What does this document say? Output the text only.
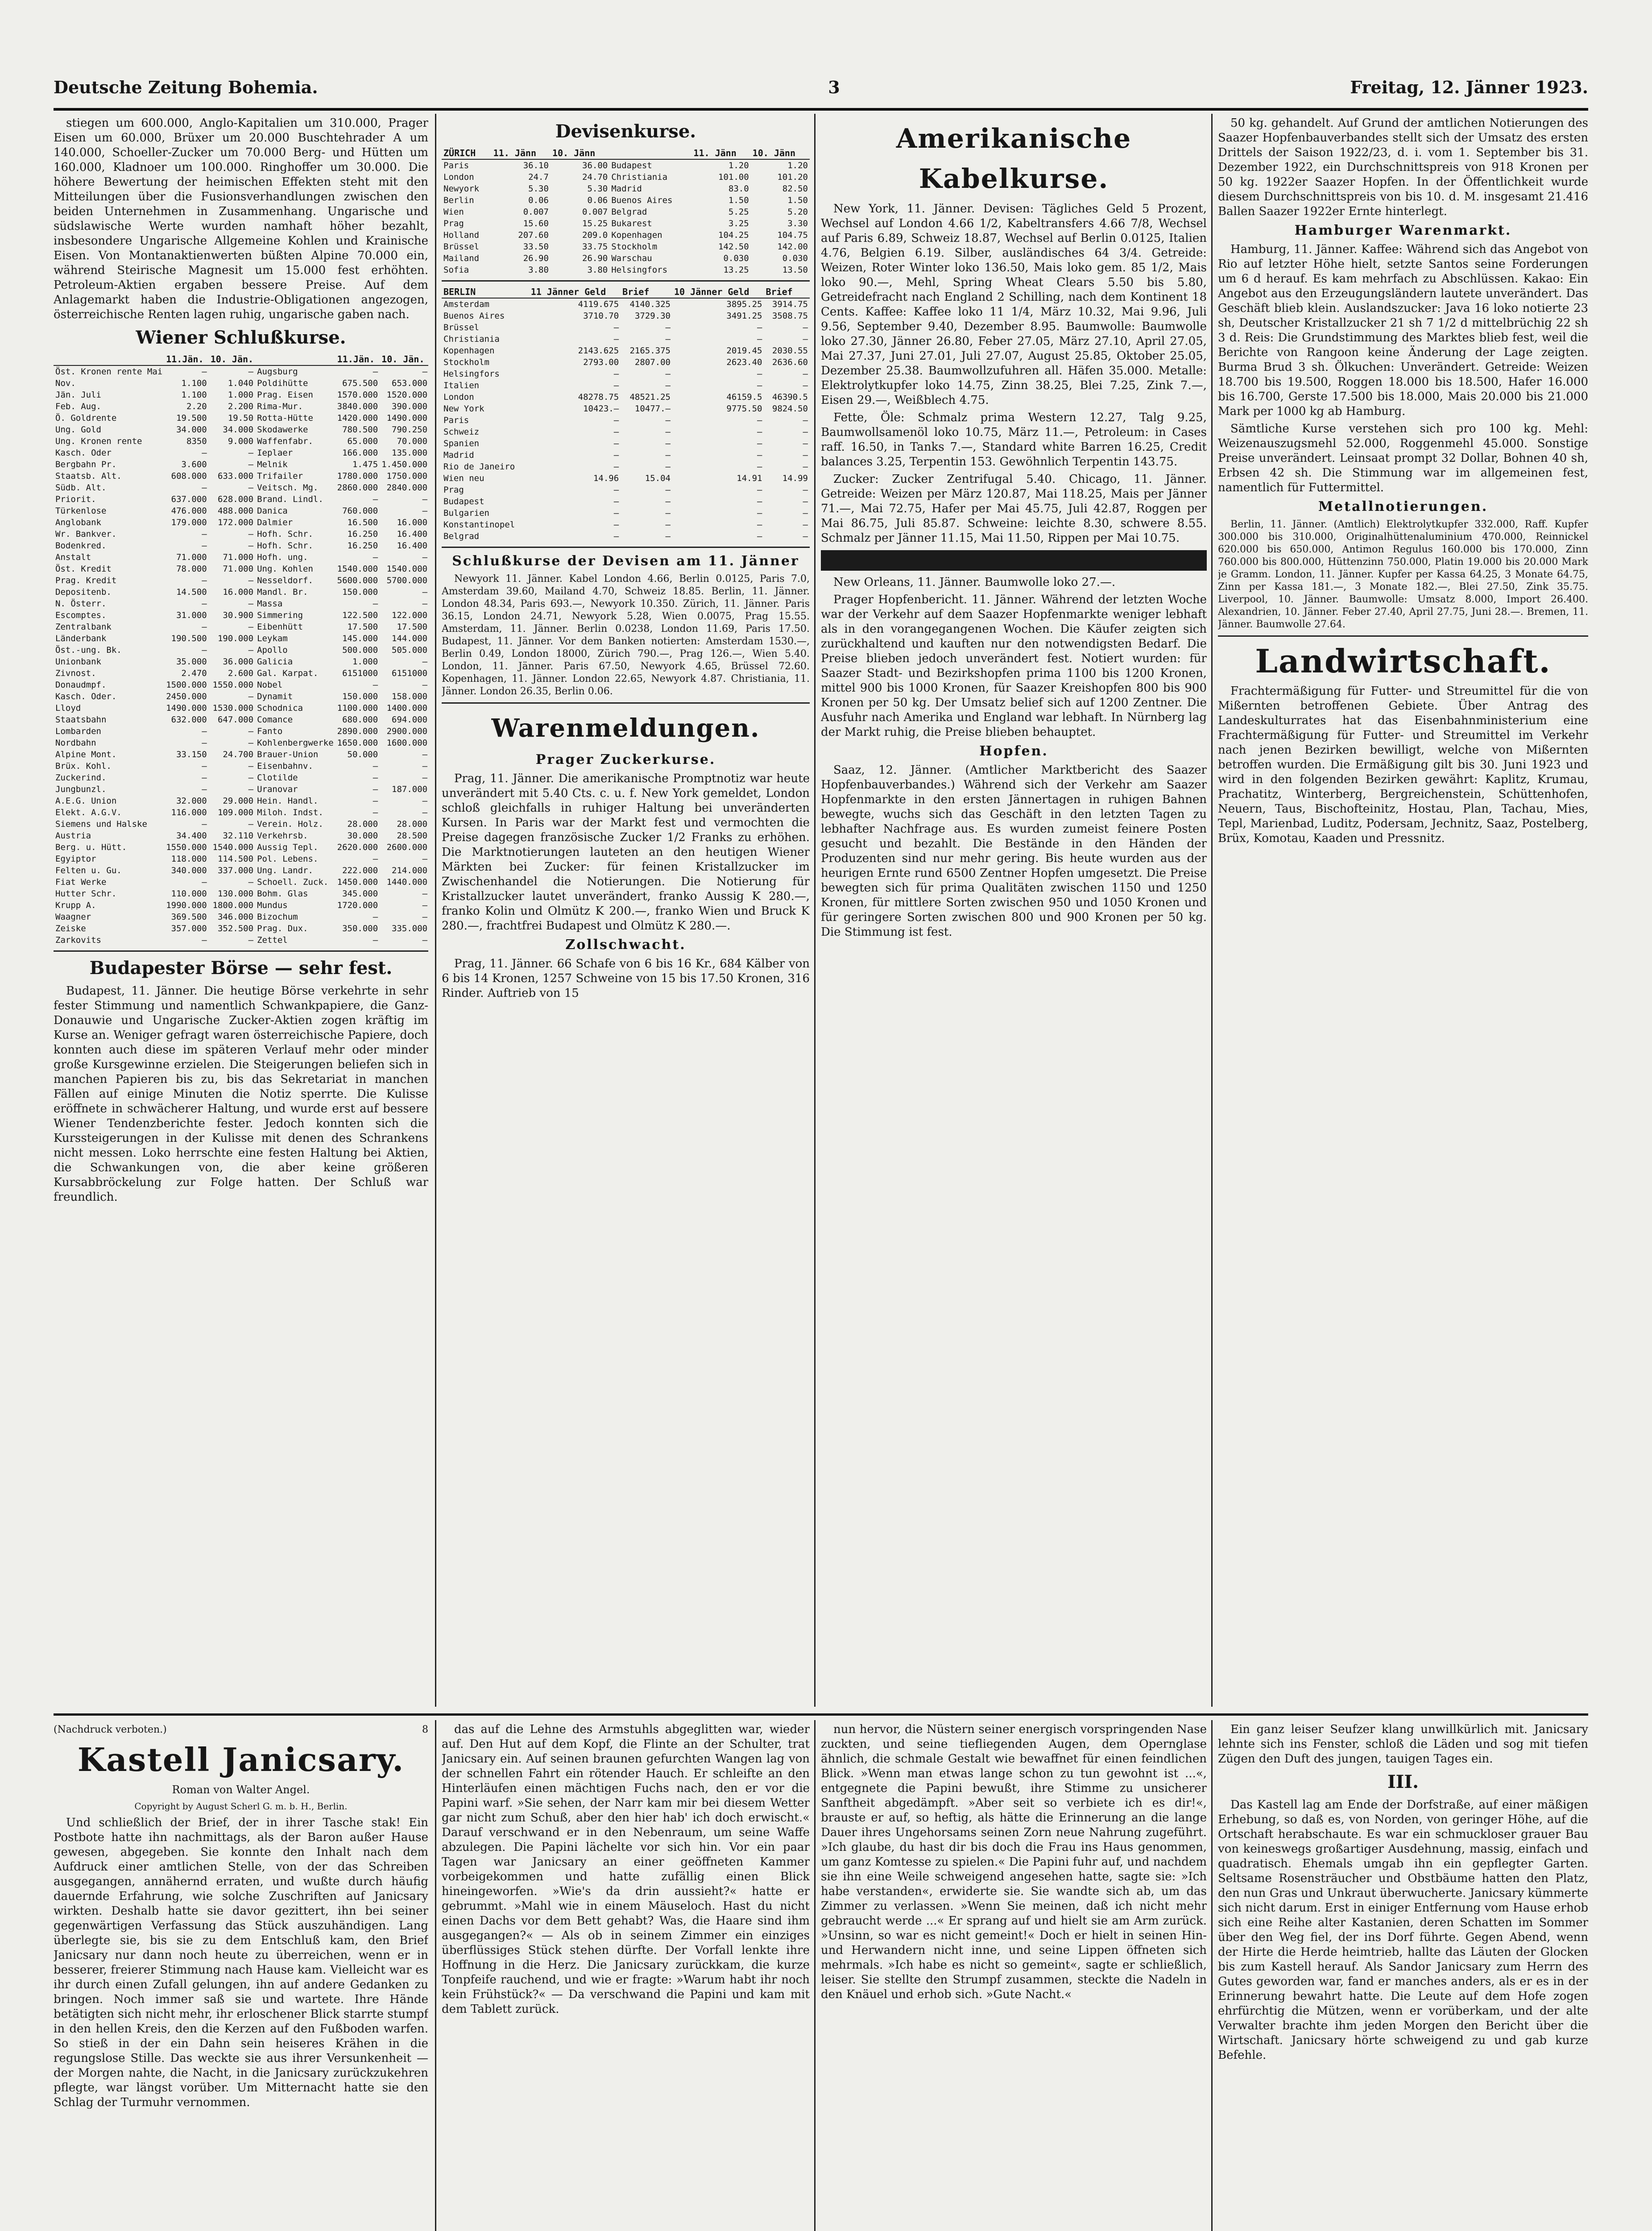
Deutsche Zeitung Bohemia.	3	Freitag, 12. Jänner 1923.

stiegen um 600.000, Anglo-Kapitalien um 310.000, Prager Eisen um 60.000, Brüxer um 20.000 Buschtehrader A um 140.000, Schoeller-Zucker um 70.000 Berg- und Hütten um 160.000, Kladnoer um 100.000. Ringhoffer um 30.000. Die höhere Bewertung der heimischen Effekten steht mit den Mitteilungen über die Fusionsverhandlungen zwischen den beiden Unternehmen in Zusammenhang. Ungarische und südslawische Werte wurden namhaft höher bezahlt, insbesondere Ungarische Allgemeine Kohlen und Krainische Eisen. Von Montanaktienwerten büßten Alpine 70.000 ein, während Steirische Magnesit um 15.000 fest erhöhten. Petroleum-Aktien ergaben bessere Preise. Auf dem Anlagemarkt haben die Industrie-Obligationen angezogen, österreichische Renten lagen ruhig, ungarische gaben nach.

Wiener Schlußkurse.
	11.Jän.	10. Jän.		11.Jän.	10. Jän.
Öst. Kronen rente Mai	—	—	Augsburg	—	—
Nov.	1.100	1.040	Poldihütte	675.500	653.000
Jän. Juli	1.100	1.000	Prag. Eisen	1570.000	1520.000
Feb. Aug.	2.20	2.200	Rima-Mur.	3840.000	390.000
Ö. Goldrente	19.500	19.50	Rotta-Hütte	1420.000	1490.000
Ung. Gold	34.000	34.000	Skodawerke	780.500	790.250
Ung. Kronen rente	8350	9.000	Waffenfabr.	65.000	70.000
Kasch. Oder	—	—	Ieplaer	166.000	135.000
Bergbahn Pr.	3.600	—	Melnik	1.475	1.450.000
Staatsb. Alt.	608.000	633.000	Trifailer	1780.000	1750.000
Südb. Alt.	—	—	Veitsch. Mg.	2860.000	2840.000
Priorit.	637.000	628.000	Brand. Lindl.	—	—
Türkenlose	476.000	488.000	Danica	760.000	—
Anglobank	179.000	172.000	Dalmier	16.500	16.000
Wr. Bankver.	—	—	Hofh. Schr.	16.250	16.400
Bodenkred.	—	—	Hofh. Schr.	16.250	16.400
Anstalt	71.000	71.000	Hofh. ung.	—	—
Öst. Kredit	78.000	71.000	Ung. Kohlen	1540.000	1540.000
Prag. Kredit	—	—	Nesseldorf.	5600.000	5700.000
Depositenb.	14.500	16.000	Mandl. Br.	150.000	—
N. Österr.	—	—	Massa	—	—
Escomptes.	31.000	30.900	Simmering	122.500	122.000
Zentralbank	—	—	Eibenhütt	17.500	17.500
Länderbank	190.500	190.000	Leykam	145.000	144.000
Öst.-ung. Bk.	—	—	Apollo	500.000	505.000
Unionbank	35.000	36.000	Galicia	1.000	—
Zivnost.	2.470	2.600	Gal. Karpat.	6151000	6151000
Donaudmpf.	1500.000	1550.000	Nobel	—	—
Kasch. Oder.	2450.000	—	Dynamit	150.000	158.000
Lloyd	1490.000	1530.000	Schodnica	1100.000	1400.000
Staatsbahn	632.000	647.000	Comance	680.000	694.000
Lombarden	—	—	Fanto	2890.000	2900.000
Nordbahn	—	—	Kohlenbergwerke	1650.000	1600.000
Alpine Mont.	33.150	24.700	Brauer-Union	50.000	—
Brüx. Kohl.	—	—	Eisenbahnv.	—	—
Zuckerind.	—	—	Clotilde	—	—
Jungbunzl.	—	—	Uranovar	—	187.000
A.E.G. Union	32.000	29.000	Hein. Handl.	—	—
Elekt. A.G.V.	116.000	109.000	Miloh. Indst.	—	—
Siemens und Halske	—	—	Verein. Holz.	28.000	28.000
Austria	34.400	32.110	Verkehrsb.	30.000	28.500
Berg. u. Hütt.	1550.000	1540.000	Aussig Tepl.	2620.000	2600.000
Egyiptor	118.000	114.500	Pol. Lebens.	—	—
Felten u. Gu.	340.000	337.000	Ung. Landr.	222.000	214.000
Fiat Werke	—	—	Schoell. Zuck.	1450.000	1440.000
Hutter Schr.	110.000	130.000	Bohm. Glas	345.000	—
Krupp A.	1990.000	1800.000	Mundus	1720.000	—
Waagner	369.500	346.000	Bizochum	—	—
Zeiske	357.000	352.500	Prag. Dux.	350.000	335.000
Zarkovits	—	—	Zettel	—	—
Budapester Börse — sehr fest.

Budapest, 11. Jänner. Die heutige Börse verkehrte in sehr fester Stimmung und namentlich Schwankpapiere, die Ganz-Donauwie und Ungarische Zucker-Aktien zogen kräftig im Kurse an. Weniger gefragt waren österreichische Papiere, doch konnten auch diese im späteren Verlauf mehr oder minder große Kursgewinne erzielen. Die Steigerungen beliefen sich in manchen Papieren bis zu, bis das Sekretariat in manchen Fällen auf einige Minuten die Notiz sperrte. Die Kulisse eröffnete in schwächerer Haltung, und wurde erst auf bessere Wiener Tendenzberichte fester. Jedoch konnten sich die Kurssteigerungen in der Kulisse mit denen des Schrankens nicht messen. Loko herrschte eine festen Haltung bei Aktien, die Schwankungen von, die aber keine größeren Kursabbröckelung zur Folge hatten. Der Schluß war freundlich.

Devisenkurse.
ZÜRICH	11. Jänn	10. Jänn		11. Jänn	10. Jänn
Paris	36.10	36.00	Budapest	1.20	1.20
London	24.7	24.70	Christiania	101.00	101.20
Newyork	5.30	5.30	Madrid	83.0	82.50
Berlin	0.06	0.06	Buenos Aires	1.50	1.50
Wien	0.007	0.007	Belgrad	5.25	5.20
Prag	15.60	15.25	Bukarest	3.25	3.30
Holland	207.60	209.0	Kopenhagen	104.25	104.75
Brüssel	33.50	33.75	Stockholm	142.50	142.00
Mailand	26.90	26.90	Warschau	0.030	0.030
Sofia	3.80	3.80	Helsingfors	13.25	13.50
BERLIN	11 Jänner Geld	Brief	10 Jänner Geld	Brief
Amsterdam	4119.675	4140.325	3895.25	3914.75
Buenos Aires	3710.70	3729.30	3491.25	3508.75
Brüssel	—	—	—	—
Christiania	—	—	—	—
Kopenhagen	2143.625	2165.375	2019.45	2030.55
Stockholm	2793.00	2807.00	2623.40	2636.60
Helsingfors	—	—	—	—
Italien	—	—	—	—
London	48278.75	48521.25	46159.5	46390.5
New York	10423.—	10477.—	9775.50	9824.50
Paris	—	—	—	—
Schweiz	—	—	—	—
Spanien	—	—	—	—
Madrid	—	—	—	—
Rio de Janeiro	—	—	—	—
Wien neu	14.96	15.04	14.91	14.99
Prag	—	—	—	—
Budapest	—	—	—	—
Bulgarien	—	—	—	—
Konstantinopel	—	—	—	—
Belgrad	—	—	—	—
Schlußkurse der Devisen am 11. Jänner

Newyork 11. Jänner. Kabel London 4.66, Berlin 0.0125, Paris 7.0, Amsterdam 39.60, Mailand 4.70, Schweiz 18.85. Berlin, 11. Jänner. London 48.34, Paris 693.—, Newyork 10.350. Zürich, 11. Jänner. Paris 36.15, London 24.71, Newyork 5.28, Wien 0.0075, Prag 15.55. Amsterdam, 11. Jänner. Berlin 0.0238, London 11.69, Paris 17.50. Budapest, 11. Jänner. Vor dem Banken notierten: Amsterdam 1530.—, Berlin 0.49, London 18000, Zürich 790.—, Prag 126.—, Wien 5.40. London, 11. Jänner. Paris 67.50, Newyork 4.65, Brüssel 72.60. Kopenhagen, 11. Jänner. London 22.65, Newyork 4.87. Christiania, 11. Jänner. London 26.35, Berlin 0.06.

Warenmeldungen.
Prager Zuckerkurse.

Prag, 11. Jänner. Die amerikanische Promptnotiz war heute unverändert mit 5.40 Cts. c. u. f. New York gemeldet, London schloß gleichfalls in ruhiger Haltung bei unveränderten Kursen. In Paris war der Markt fest und vermochten die Preise dagegen französische Zucker 1/2 Franks zu erhöhen. Die Marktnotierungen lauteten an den heutigen Wiener Märkten bei Zucker: für feinen Kristallzucker im Zwischenhandel die Notierungen. Die Notierung für Kristallzucker lautet unverändert, franko Aussig K 280.—, franko Kolin und Olmütz K 200.—, franko Wien und Bruck K 280.—, frachtfrei Budapest und Olmütz K 280.—.

Zollschwacht.

Prag, 11. Jänner. 66 Schafe von 6 bis 16 Kr., 684 Kälber von 6 bis 14 Kronen, 1257 Schweine von 15 bis 17.50 Kronen, 316 Rinder. Auftrieb von 15

Amerikanische Kabelkurse.

New York, 11. Jänner. Devisen: Tägliches Geld 5 Prozent, Wechsel auf London 4.66 1/2, Kabeltransfers 4.66 7/8, Wechsel auf Paris 6.89, Schweiz 18.87, Wechsel auf Berlin 0.0125, Italien 4.76, Belgien 6.19. Silber, ausländisches 64 3/4. Getreide: Weizen, Roter Winter loko 136.50, Mais loko gem. 85 1/2, Mais loko 90.—, Mehl, Spring Wheat Clears 5.50 bis 5.80, Getreidefracht nach England 2 Schilling, nach dem Kontinent 18 Cents. Kaffee: Kaffee loko 11 1/4, März 10.32, Mai 9.96, Juli 9.56, September 9.40, Dezember 8.95. Baumwolle: Baumwolle loko 27.30, Jänner 26.80, Feber 27.05, März 27.10, April 27.05, Mai 27.37, Juni 27.01, Juli 27.07, August 25.85, Oktober 25.05, Dezember 25.38. Baumwollzufuhren all. Häfen 35.000. Metalle: Elektrolytkupfer loko 14.75, Zinn 38.25, Blei 7.25, Zink 7.—, Eisen 29.—, Weißblech 4.75.

Fette, Öle: Schmalz prima Western 12.27, Talg 9.25, Baumwollsamenöl loko 10.75, März 11.—, Petroleum: in Cases raff. 16.50, in Tanks 7.—, Standard white Barren 16.25, Credit balances 3.25, Terpentin 153. Gewöhnlich Terpentin 143.75.

Zucker: Zucker Zentrifugal 5.40. Chicago, 11. Jänner. Getreide: Weizen per März 120.87, Mai 118.25, Mais per Jänner 71.—, Mai 72.75, Hafer per Mai 45.75, Juli 42.87, Roggen per Mai 86.75, Juli 85.87. Schweine: leichte 8.30, schwere 8.55. Schmalz per Jänner 11.15, Mai 11.50, Rippen per Mai 10.75.

New Orleans, 11. Jänner. Baumwolle loko 27.—.

Prager Hopfenbericht. 11. Jänner. Während der letzten Woche war der Verkehr auf dem Saazer Hopfenmarkte weniger lebhaft als in den vorangegangenen Wochen. Die Käufer zeigten sich zurückhaltend und kauften nur den notwendigsten Bedarf. Die Preise blieben jedoch unverändert fest. Notiert wurden: für Saazer Stadt- und Bezirkshopfen prima 1100 bis 1200 Kronen, mittel 900 bis 1000 Kronen, für Saazer Kreishopfen 800 bis 900 Kronen per 50 kg. Der Umsatz belief sich auf 1200 Zentner. Die Ausfuhr nach Amerika und England war lebhaft. In Nürnberg lag der Markt ruhig, die Preise blieben behauptet.

Hopfen.

Saaz, 12. Jänner. (Amtlicher Marktbericht des Saazer Hopfenbauverbandes.) Während sich der Verkehr am Saazer Hopfenmarkte in den ersten Jännertagen in ruhigen Bahnen bewegte, wuchs sich das Geschäft in den letzten Tagen zu lebhafter Nachfrage aus. Es wurden zumeist feinere Posten gesucht und bezahlt. Die Bestände in den Händen der Produzenten sind nur mehr gering. Bis heute wurden aus der heurigen Ernte rund 6500 Zentner Hopfen umgesetzt. Die Preise bewegten sich für prima Qualitäten zwischen 1150 und 1250 Kronen, für mittlere Sorten zwischen 950 und 1050 Kronen und für geringere Sorten zwischen 800 und 900 Kronen per 50 kg. Die Stimmung ist fest.

50 kg. gehandelt. Auf Grund der amtlichen Notierungen des Saazer Hopfenbauverbandes stellt sich der Umsatz des ersten Drittels der Saison 1922/23, d. i. vom 1. September bis 31. Dezember 1922, ein Durchschnittspreis von 918 Kronen per 50 kg. 1922er Saazer Hopfen. In der Öffentlichkeit wurde diesem Durchschnittspreis von bis 10. d. M. insgesamt 21.416 Ballen Saazer 1922er Ernte hinterlegt.

Hamburger Warenmarkt.

Hamburg, 11. Jänner. Kaffee: Während sich das Angebot von Rio auf letzter Höhe hielt, setzte Santos seine Forderungen um 6 d herauf. Es kam mehrfach zu Abschlüssen. Kakao: Ein Angebot aus den Erzeugungsländern lautete unverändert. Das Geschäft blieb klein. Auslandszucker: Java 16 loko notierte 23 sh, Deutscher Kristallzucker 21 sh 7 1/2 d mittelbrüchig 22 sh 3 d. Reis: Die Grundstimmung des Marktes blieb fest, weil die Berichte von Rangoon keine Änderung der Lage zeigten. Burma Brud 3 sh. Ölkuchen: Unverändert. Getreide: Weizen 18.700 bis 19.500, Roggen 18.000 bis 18.500, Hafer 16.000 bis 16.700, Gerste 17.500 bis 18.000, Mais 20.000 bis 21.000 Mark per 1000 kg ab Hamburg.

Sämtliche Kurse verstehen sich pro 100 kg. Mehl: Weizenauszugsmehl 52.000, Roggenmehl 45.000. Sonstige Preise unverändert. Leinsaat prompt 32 Dollar, Bohnen 40 sh, Erbsen 42 sh. Die Stimmung war im allgemeinen fest, namentlich für Futtermittel.

Metallnotierungen.

Berlin, 11. Jänner. (Amtlich) Elektrolytkupfer 332.000, Raff. Kupfer 300.000 bis 310.000, Originalhüttenaluminium 470.000, Reinnickel 620.000 bis 650.000, Antimon Regulus 160.000 bis 170.000, Zinn 760.000 bis 800.000, Hüttenzinn 750.000, Platin 19.000 bis 20.000 Mark je Gramm. London, 11. Jänner. Kupfer per Kassa 64.25, 3 Monate 64.75, Zinn per Kassa 181.—, 3 Monate 182.—, Blei 27.50, Zink 35.75. Liverpool, 10. Jänner. Baumwolle: Umsatz 8.000, Import 26.400. Alexandrien, 10. Jänner. Feber 27.40, April 27.75, Juni 28.—. Bremen, 11. Jänner. Baumwolle 27.64.

Landwirtschaft.

Frachtermäßigung für Futter- und Streumittel für die von Mißernten betroffenen Gebiete. Über Antrag des Landeskulturrates hat das Eisenbahnministerium eine Frachtermäßigung für Futter- und Streumittel im Verkehr nach jenen Bezirken bewilligt, welche von Mißernten betroffen wurden. Die Ermäßigung gilt bis 30. Juni 1923 und wird in den folgenden Bezirken gewährt: Kaplitz, Krumau, Prachatitz, Winterberg, Bergreichenstein, Schüttenhofen, Neuern, Taus, Bischofteinitz, Hostau, Plan, Tachau, Mies, Tepl, Marienbad, Luditz, Podersam, Jechnitz, Saaz, Postelberg, Brüx, Komotau, Kaaden und Pressnitz.

(Nachdruck verboten.)	8
Kastell Janicsary.
Roman von Walter Angel.
Copyright by August Scherl G. m. b. H., Berlin.

Und schließlich der Brief, der in ihrer Tasche stak! Ein Postbote hatte ihn nachmittags, als der Baron außer Hause gewesen, abgegeben. Sie konnte den Inhalt nach dem Aufdruck einer amtlichen Stelle, von der das Schreiben ausgegangen, annähernd erraten, und wußte durch häufig dauernde Erfahrung, wie solche Zuschriften auf Janicsary wirkten. Deshalb hatte sie davor gezittert, ihn bei seiner gegenwärtigen Verfassung das Stück auszuhändigen. Lang überlegte sie, bis sie zu dem Entschluß kam, den Brief Janicsary nur dann noch heute zu überreichen, wenn er in besserer, freierer Stimmung nach Hause kam. Vielleicht war es ihr durch einen Zufall gelungen, ihn auf andere Gedanken zu bringen. Noch immer saß sie und wartete. Ihre Hände betätigten sich nicht mehr, ihr erloschener Blick starrte stumpf in den hellen Kreis, den die Kerzen auf den Fußboden warfen. So stieß in der ein Dahn sein heiseres Krähen in die regungslose Stille. Das weckte sie aus ihrer Versunkenheit — der Morgen nahte, die Nacht, in die Janicsary zurückzukehren pflegte, war längst vorüber. Um Mitternacht hatte sie den Schlag der Turmuhr vernommen.

das auf die Lehne des Armstuhls abgeglitten war, wieder auf. Den Hut auf dem Kopf, die Flinte an der Schulter, trat Janicsary ein. Auf seinen braunen gefurchten Wangen lag von der schnellen Fahrt ein rötender Hauch. Er schleifte an den Hinterläufen einen mächtigen Fuchs nach, den er vor die Papini warf. »Sie sehen, der Narr kam mir bei diesem Wetter gar nicht zum Schuß, aber den hier hab' ich doch erwischt.« Darauf verschwand er in den Nebenraum, um seine Waffe abzulegen. Die Papini lächelte vor sich hin. Vor ein paar Tagen war Janicsary an einer geöffneten Kammer vorbeigekommen und hatte zufällig einen Blick hineingeworfen. »Wie's da drin aussieht?« hatte er gebrummt. »Mahl wie in einem Mäuseloch. Hast du nicht einen Dachs vor dem Bett gehabt? Was, die Haare sind ihm ausgegangen?« — Als ob in seinem Zimmer ein einziges überflüssiges Stück stehen dürfte. Der Vorfall lenkte ihre Hoffnung in die Herz. Die Janicsary zurückkam, die kurze Tonpfeife rauchend, und wie er fragte: »Warum habt ihr noch kein Frühstück?« — Da verschwand die Papini und kam mit dem Tablett zurück.

nun hervor, die Nüstern seiner energisch vorspringenden Nase zuckten, und seine tiefliegenden Augen, dem Opernglase ähnlich, die schmale Gestalt wie bewaffnet für einen feindlichen Blick. »Wenn man etwas lange schon zu tun gewohnt ist ...«, entgegnete die Papini bewußt, ihre Stimme zu unsicherer Sanftheit abgedämpft. »Aber seit so verbiete ich es dir!«, brauste er auf, so heftig, als hätte die Erinnerung an die lange Dauer ihres Ungehorsams seinen Zorn neue Nahrung zugeführt. »Ich glaube, du hast dir bis doch die Frau ins Haus genommen, um ganz Komtesse zu spielen.« Die Papini fuhr auf, und nachdem sie ihn eine Weile schweigend angesehen hatte, sagte sie: »Ich habe verstanden«, erwiderte sie. Sie wandte sich ab, um das Zimmer zu verlassen. »Wenn Sie meinen, daß ich nicht mehr gebraucht werde ...« Er sprang auf und hielt sie am Arm zurück. »Unsinn, so war es nicht gemeint!« Doch er hielt in seinen Hin- und Herwandern nicht inne, und seine Lippen öffneten sich mehrmals. »Ich habe es nicht so gemeint«, sagte er schließlich, leiser. Sie stellte den Strumpf zusammen, steckte die Nadeln in den Knäuel und erhob sich. »Gute Nacht.«

Ein ganz leiser Seufzer klang unwillkürlich mit. Janicsary lehnte sich ins Fenster, schloß die Läden und sog mit tiefen Zügen den Duft des jungen, tauigen Tages ein.

III.

Das Kastell lag am Ende der Dorfstraße, auf einer mäßigen Erhebung, so daß es, von Norden, von geringer Höhe, auf die Ortschaft herabschaute. Es war ein schmuckloser grauer Bau von keineswegs großartiger Ausdehnung, massig, einfach und quadratisch. Ehemals umgab ihn ein gepflegter Garten. Seltsame Rosensträucher und Obstbäume hatten den Platz, den nun Gras und Unkraut überwucherte. Janicsary kümmerte sich nicht darum. Erst in einiger Entfernung vom Hause erhob sich eine Reihe alter Kastanien, deren Schatten im Sommer über den Weg fiel, der ins Dorf führte. Gegen Abend, wenn der Hirte die Herde heimtrieb, hallte das Läuten der Glocken bis zum Kastell herauf. Als Sandor Janicsary zum Herrn des Gutes geworden war, fand er manches anders, als er es in der Erinnerung bewahrt hatte. Die Leute auf dem Hofe zogen ehrfürchtig die Mützen, wenn er vorüberkam, und der alte Verwalter brachte ihm jeden Morgen den Bericht über die Wirtschaft. Janicsary hörte schweigend zu und gab kurze Befehle.
